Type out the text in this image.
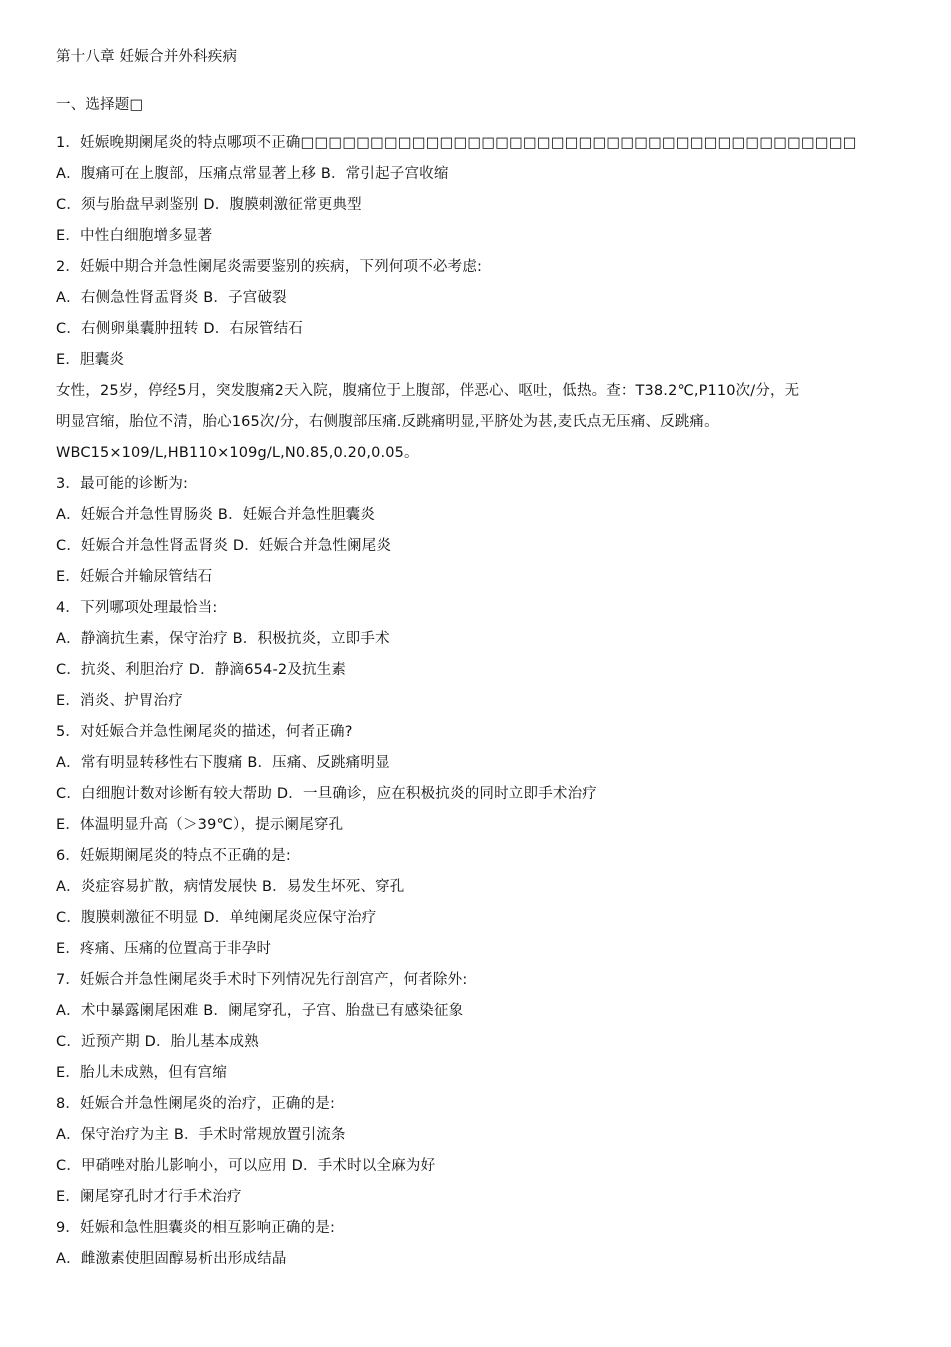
第十八章 妊娠合并外科疾病
一、选择题□
1．妊娠晚期阑尾炎的特点哪项不正确□□□□□□□□□□□□□□□□□□□□□□□□□□□□□□□□□□□□□□□□
A．腹痛可在上腹部，压痛点常显著上移 B．常引起子宫收缩
C．须与胎盘早剥鉴别 D．腹膜刺激征常更典型
E．中性白细胞增多显著
2．妊娠中期合并急性阑尾炎需要鉴别的疾病，下列何项不必考虑:
A．右侧急性肾盂肾炎 B．子宫破裂
C．右侧卵巢囊肿扭转 D．右尿管结石
E．胆囊炎
女性，25岁，停经5月，突发腹痛2天入院，腹痛位于上腹部，伴恶心、呕吐，低热。查：T38.2℃,P110次/分，无
明显宫缩，胎位不清，胎心165次/分，右侧腹部压痛.反跳痛明显,平脐处为甚,麦氏点无压痛、反跳痛。
WBC15×109/L,HB110×109g/L,N0.85,0.20,0.05。
3．最可能的诊断为:
A．妊娠合并急性胃肠炎 B．妊娠合并急性胆囊炎
C．妊娠合并急性肾盂肾炎 D．妊娠合并急性阑尾炎
E．妊娠合并输尿管结石
4．下列哪项处理最恰当:
A．静滴抗生素，保守治疗 B．积极抗炎，立即手术
C．抗炎、利胆治疗 D．静滴654-2及抗生素
E．消炎、护胃治疗
5．对妊娠合并急性阑尾炎的描述，何者正确?
A．常有明显转移性右下腹痛 B．压痛、反跳痛明显
C．白细胞计数对诊断有较大帮助 D．一旦确诊，应在积极抗炎的同时立即手术治疗
E．体温明显升高（＞39℃），提示阑尾穿孔
6．妊娠期阑尾炎的特点不正确的是:
A．炎症容易扩散，病情发展快 B．易发生坏死、穿孔
C．腹膜刺激征不明显 D．单纯阑尾炎应保守治疗
E．疼痛、压痛的位置高于非孕时
7．妊娠合并急性阑尾炎手术时下列情况先行剖宫产，何者除外:
A．术中暴露阑尾困难 B．阑尾穿孔，子宫、胎盘已有感染征象
C．近预产期 D．胎儿基本成熟
E．胎儿未成熟，但有宫缩
8．妊娠合并急性阑尾炎的治疗，正确的是:
A．保守治疗为主 B．手术时常规放置引流条
C．甲硝唑对胎儿影响小，可以应用 D．手术时以全麻为好
E．阑尾穿孔时才行手术治疗
9．妊娠和急性胆囊炎的相互影响正确的是:
A．雌激素使胆固醇易析出形成结晶
